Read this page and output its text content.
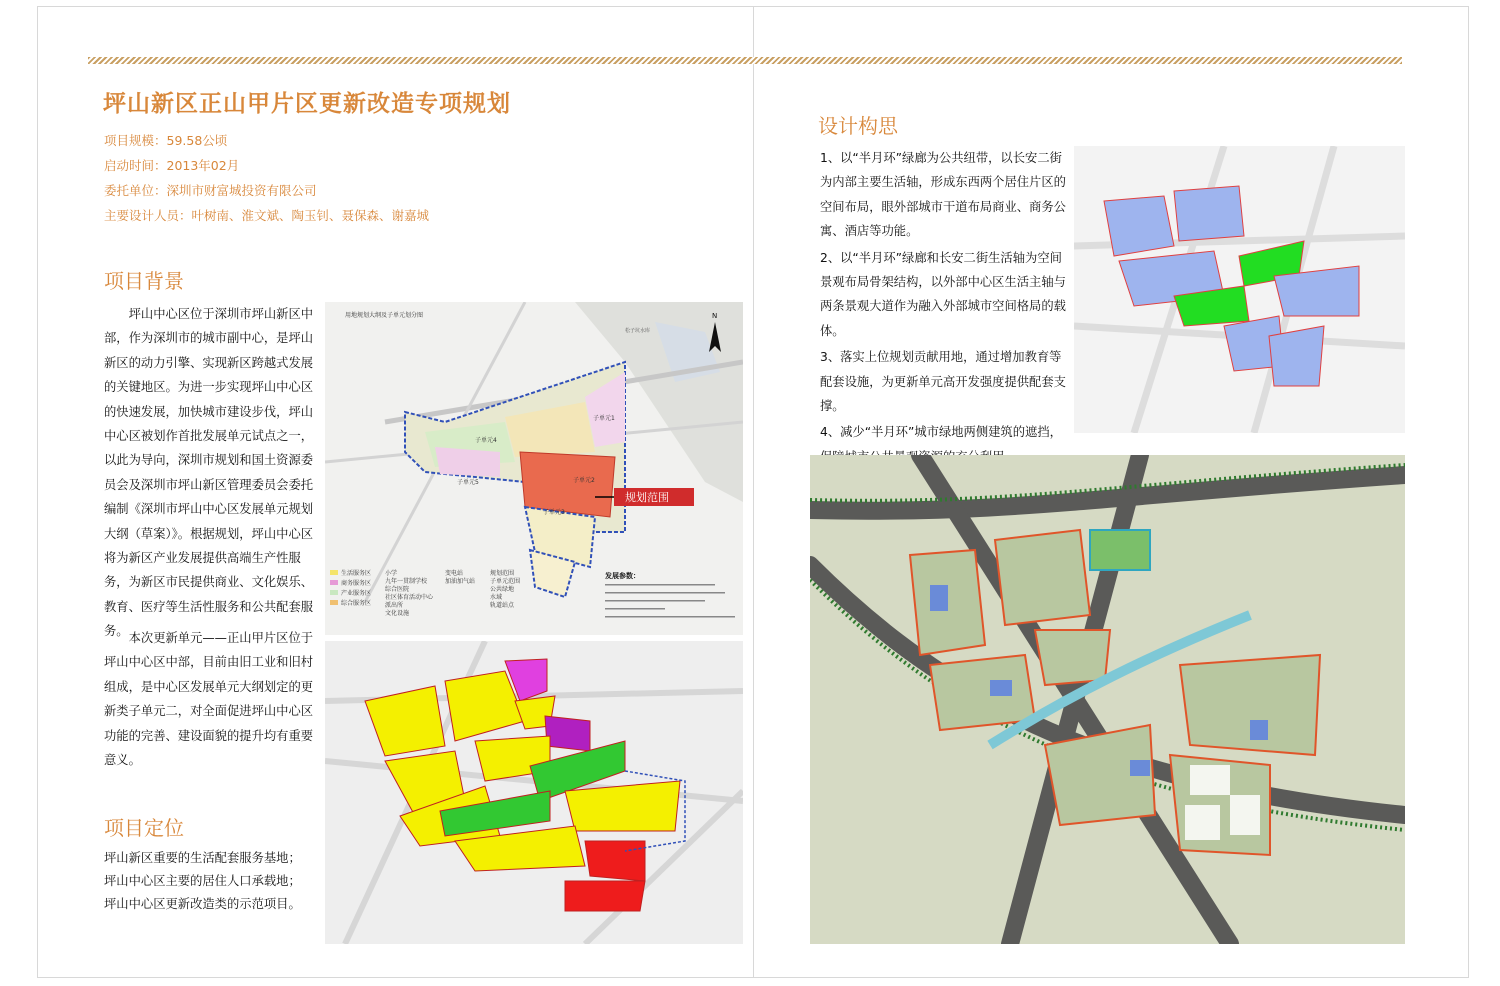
坪山新区正山甲片区更新改造专项规划
项目规模：59.58公顷
启动时间：2013年02月
委托单位：深圳市财富城投资有限公司
主要设计人员：叶树南、淮文斌、陶玉钊、聂保森、谢嘉城
项目背景

坪山中心区位于深圳市坪山新区中部，作为深圳市的城市副中心，是坪山新区的动力引擎、实现新区跨越式发展的关键地区。为进一步实现坪山中心区的快速发展，加快城市建设步伐，坪山中心区被划作首批发展单元试点之一，以此为导向，深圳市规划和国土资源委员会及深圳市坪山新区管理委员会委托编制《深圳市坪山中心区发展单元规划大纲（草案）》。根据规划，坪山中心区将为新区产业发展提供高端生产性服务，为新区市民提供商业、文化娱乐、教育、医疗等生活性服务和公共配套服务。 本次更新单元——正山甲片区位于坪山中心区中部，目前由旧工业和旧村组成，是中心区发展单元大纲划定的更新类子单元二，对全面促进坪山中心区功能的完善、建设面貌的提升均有重要意义。

项目定位
坪山新区重要的生活配套服务基地；
坪山中心区主要的居住人口承载地；
坪山中心区更新改造类的示范项目。
规划范围
用地规划大纲及子单元划分图
松子坑水库
子单元1
子单元2
子单元3
子单元4
子单元5
N
生活服务区
商务服务区
产业服务区
综合服务区
小学
九年一贯制学校
综合医院
社区体育活动中心
派出所
文化设施
变电站
加油加气站
规划范围
子单元范围
公共绿地
水域
轨道站点
发展参数：
设计构思

1、以“半月环”绿廊为公共纽带，以长安二街为内部主要生活轴，形成东西两个居住片区的空间布局，眼外部城市干道布局商业、商务公寓、酒店等功能。

2、以“半月环”绿廊和长安二街生活轴为空间景观布局骨架结构，以外部中心区生活主轴与两条景观大道作为融入外部城市空间格局的载体。

3、落实上位规划贡献用地，通过增加教育等配套设施，为更新单元高开发强度提供配套支撑。

4、减少“半月环”城市绿地两侧建筑的遮挡，
